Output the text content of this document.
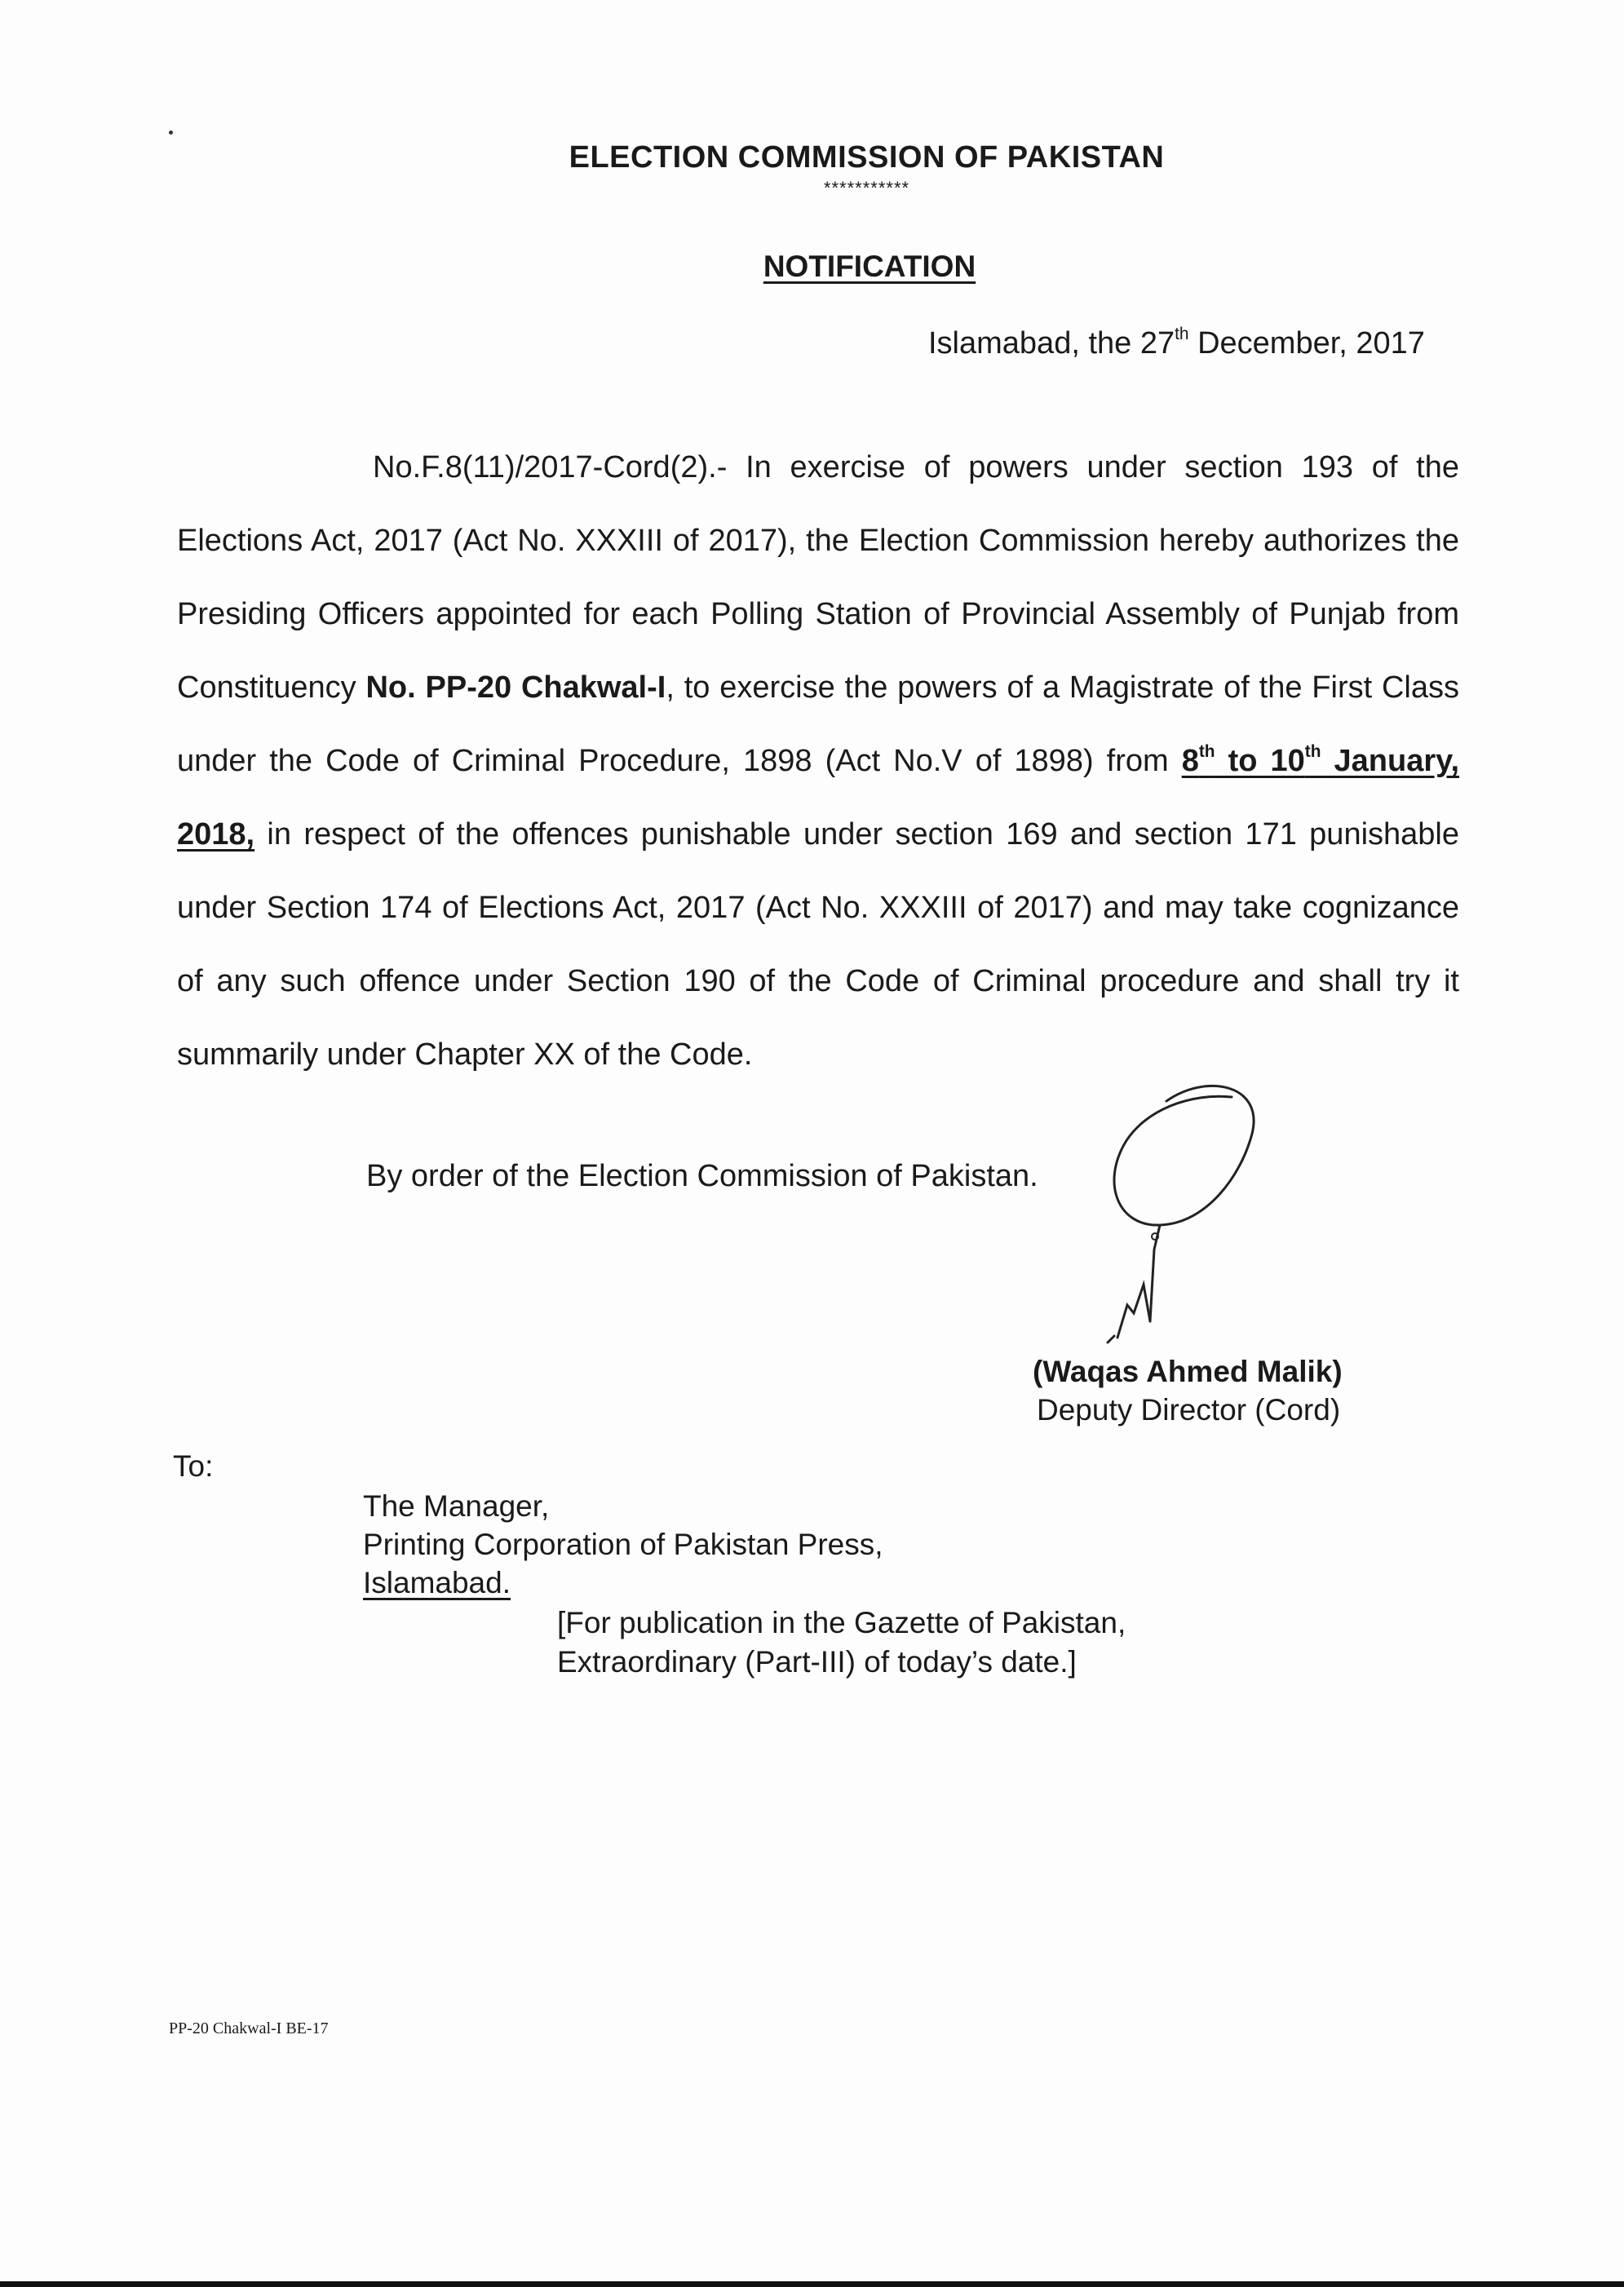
ELECTION COMMISSION OF PAKISTAN
***********
NOTIFICATION
Islamabad, the 27th December, 2017
No.F.8(11)/2017-Cord(2).- In exercise of powers under section 193 of the Elections Act, 2017 (Act No. XXXIII of 2017), the Election Commission hereby authorizes the Presiding Officers appointed for each Polling Station of Provincial Assembly of Punjab from Constituency No. PP-20 Chakwal-I, to exercise the powers of a Magistrate of the First Class under the Code of Criminal Procedure, 1898 (Act No.V of 1898) from 8th to 10th January, 2018, in respect of the offences punishable under section 169 and section 171 punishable under Section 174 of Elections Act, 2017 (Act No. XXXIII of 2017) and may take cognizance of any such offence under Section 190 of the Code of Criminal procedure and shall try it summarily under Chapter XX of the Code.
By order of the Election Commission of Pakistan.
(Waqas Ahmed Malik)
Deputy Director (Cord)
To:
The Manager,
Printing Corporation of Pakistan Press,
Islamabad.
[For publication in the Gazette of Pakistan,
Extraordinary (Part-III) of today’s date.]
PP-20 Chakwal-I BE-17
